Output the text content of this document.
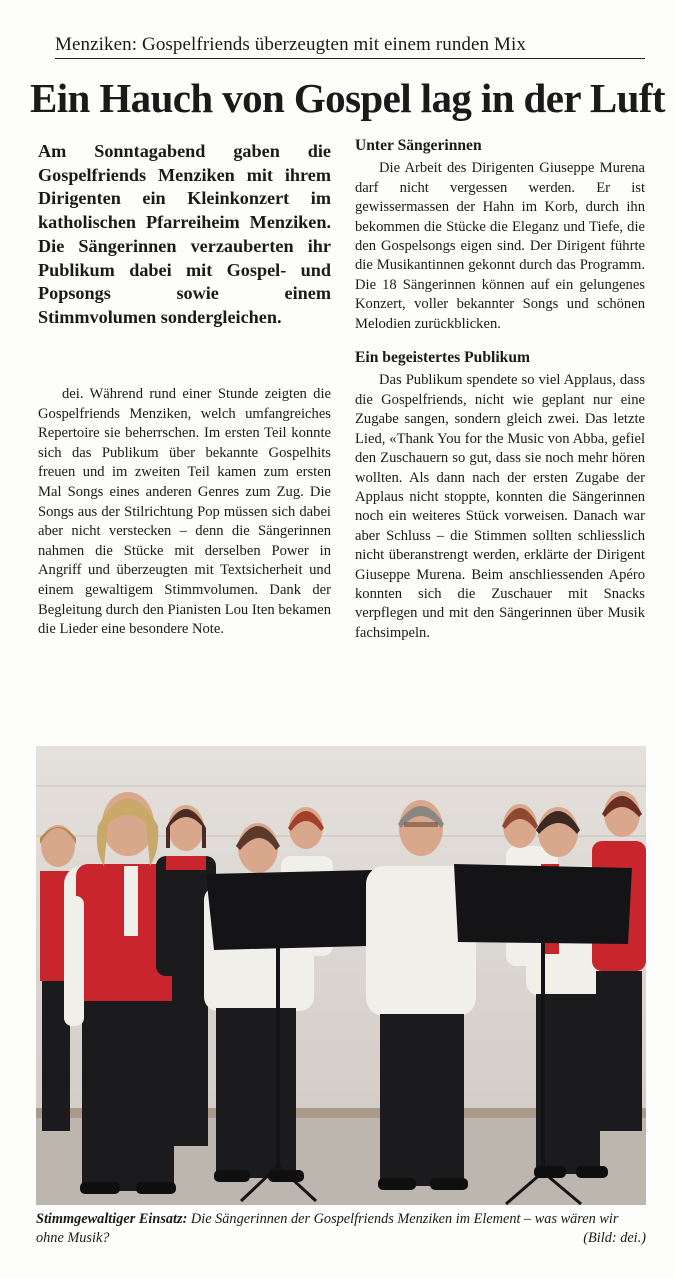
Menziken: Gospelfriends überzeugten mit einem runden Mix
Ein Hauch von Gospel lag in der Luft
Am Sonntagabend gaben die Gospelfriends Menziken mit ihrem Dirigenten ein Kleinkonzert im katholischen Pfarreiheim Menziken. Die Sängerinnen verzauberten ihr Publikum dabei mit Gospel- und Popsongs sowie einem Stimmvolumen sondergleichen.

dei. Während rund einer Stunde zeigten die Gospelfriends Menziken, welch umfangreiches Repertoire sie beherrschen. Im ersten Teil konnte sich das Publikum über bekannte Gospelhits freuen und im zweiten Teil kamen zum ersten Mal Songs eines anderen Genres zum Zug. Die Songs aus der Stilrichtung Pop müssen sich dabei aber nicht verstecken – denn die Sängerinnen nahmen die Stücke mit derselben Power in Angriff und überzeugten mit Textsicherheit und einem gewaltigem Stimmvolumen. Dank der Begleitung durch den Pianisten Lou Iten bekamen die Lieder eine besondere Note.

Unter Sängerinnen

Die Arbeit des Dirigenten Giuseppe Murena darf nicht vergessen werden. Er ist gewissermassen der Hahn im Korb, durch ihn bekommen die Stücke die Eleganz und Tiefe, die den Gospelsongs eigen sind. Der Dirigent führte die Musikantinnen gekonnt durch das Programm. Die 18 Sängerinnen können auf ein gelungenes Konzert, voller bekannter Songs und schönen Melodien zurückblicken.

Ein begeistertes Publikum

Das Publikum spendete so viel Applaus, dass die Gospelfriends, nicht wie geplant nur eine Zugabe sangen, sondern gleich zwei. Das letzte Lied, «Thank You for the Music von Abba, gefiel den Zuschauern so gut, dass sie noch mehr hören wollten. Als dann nach der ersten Zugabe der Applaus nicht stoppte, konnten die Sängerinnen noch ein weiteres Stück vorweisen. Danach war aber Schluss – die Stimmen sollten schliesslich nicht überanstrengt werden, erklärte der Dirigent Giuseppe Murena. Beim anschliessenden Apéro konnten sich die Zuschauer mit Snacks verpflegen und mit den Sängerinnen über Musik fachsimpeln.

Stimmgewaltiger Einsatz: Die Sängerinnen der Gospelfriends Menziken im Element – was wären wir ohne Musik?	(Bild: dei.)
